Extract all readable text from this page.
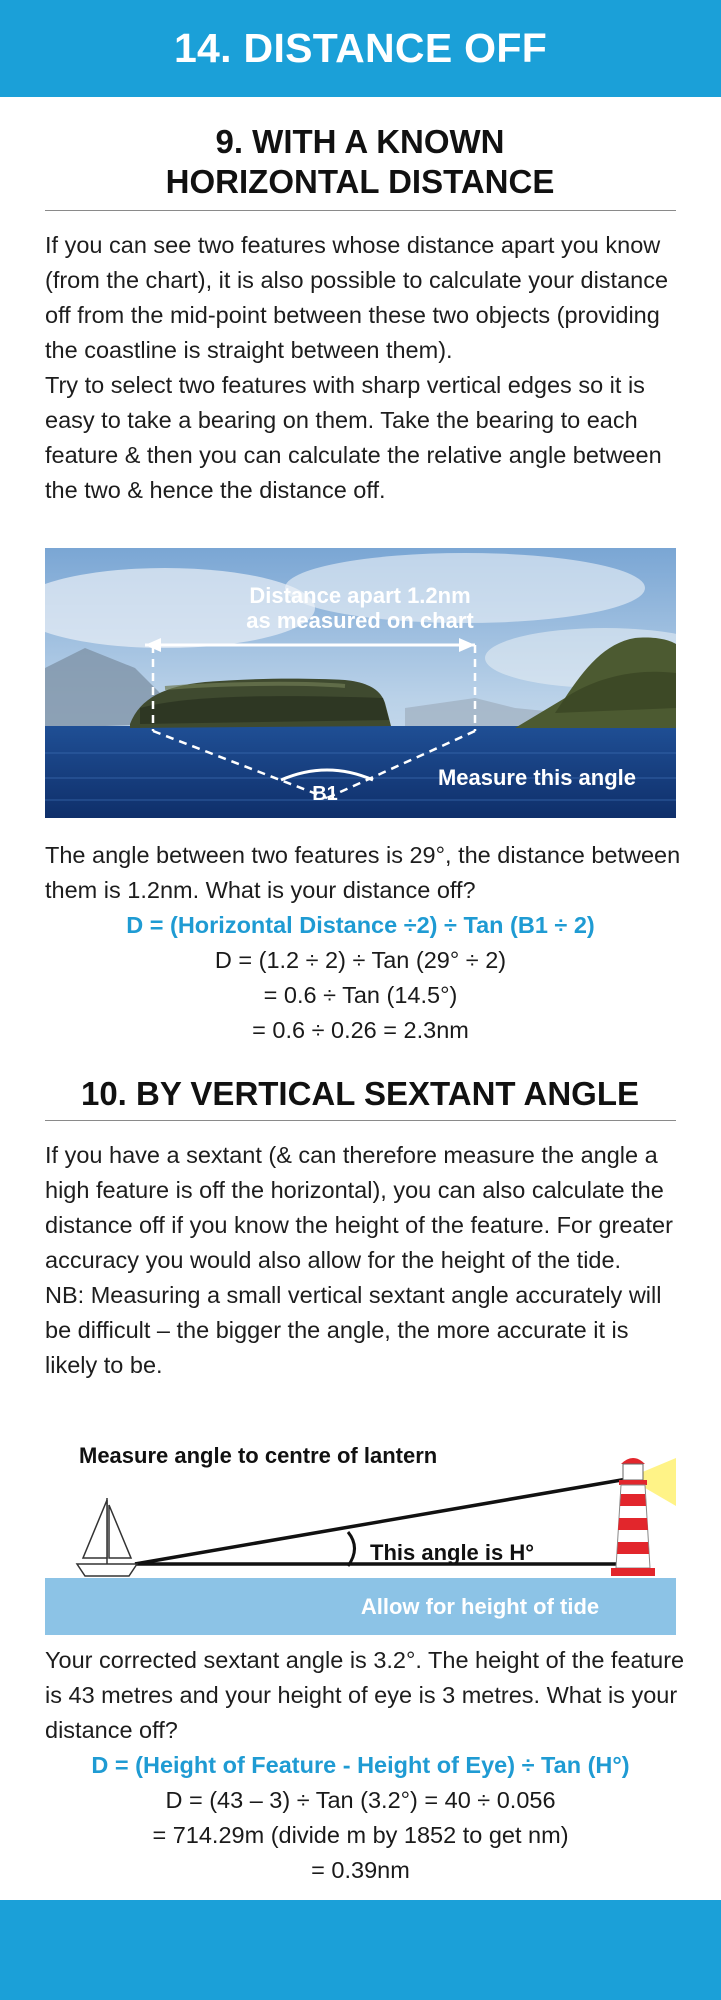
14. DISTANCE OFF
9. WITH A KNOWN
HORIZONTAL DISTANCE

If you can see two features whose distance apart you know (from the chart), it is also possible to calculate your distance off from the mid-point between these two objects (providing the coastline is straight between them).

Try to select two features with sharp vertical edges so it is easy to take a bearing on them. Take the bearing to each feature & then you can calculate the relative angle between the two & hence the distance off.

Distance apart 1.2nm
as measured on chart
B1
Measure this angle
The angle between two features is 29°, the distance between them is 1.2nm. What is your distance off?
D = (Horizontal Distance ÷2) ÷ Tan (B1 ÷ 2)
D = (1.2 ÷ 2) ÷ Tan (29° ÷ 2)
= 0.6 ÷ Tan (14.5°)
= 0.6 ÷ 0.26 = 2.3nm
10. BY VERTICAL SEXTANT ANGLE

If you have a sextant (& can therefore measure the angle a high feature is off the horizontal), you can also calculate the distance off if you know the height of the feature. For greater accuracy you would also allow for the height of the tide.

NB: Measuring a small vertical sextant angle accurately will be difficult – the bigger the angle, the more accurate it is likely to be.

Allow for height of tide
Measure angle to centre of lantern
This angle is H°
Your corrected sextant angle is 3.2°. The height of the feature is 43 metres and your height of eye is 3 metres. What is your distance off?
D = (Height of Feature - Height of Eye) ÷ Tan (H°)
D = (43 – 3) ÷ Tan (3.2°) = 40 ÷ 0.056
= 714.29m (divide m by 1852 to get nm)
= 0.39nm
